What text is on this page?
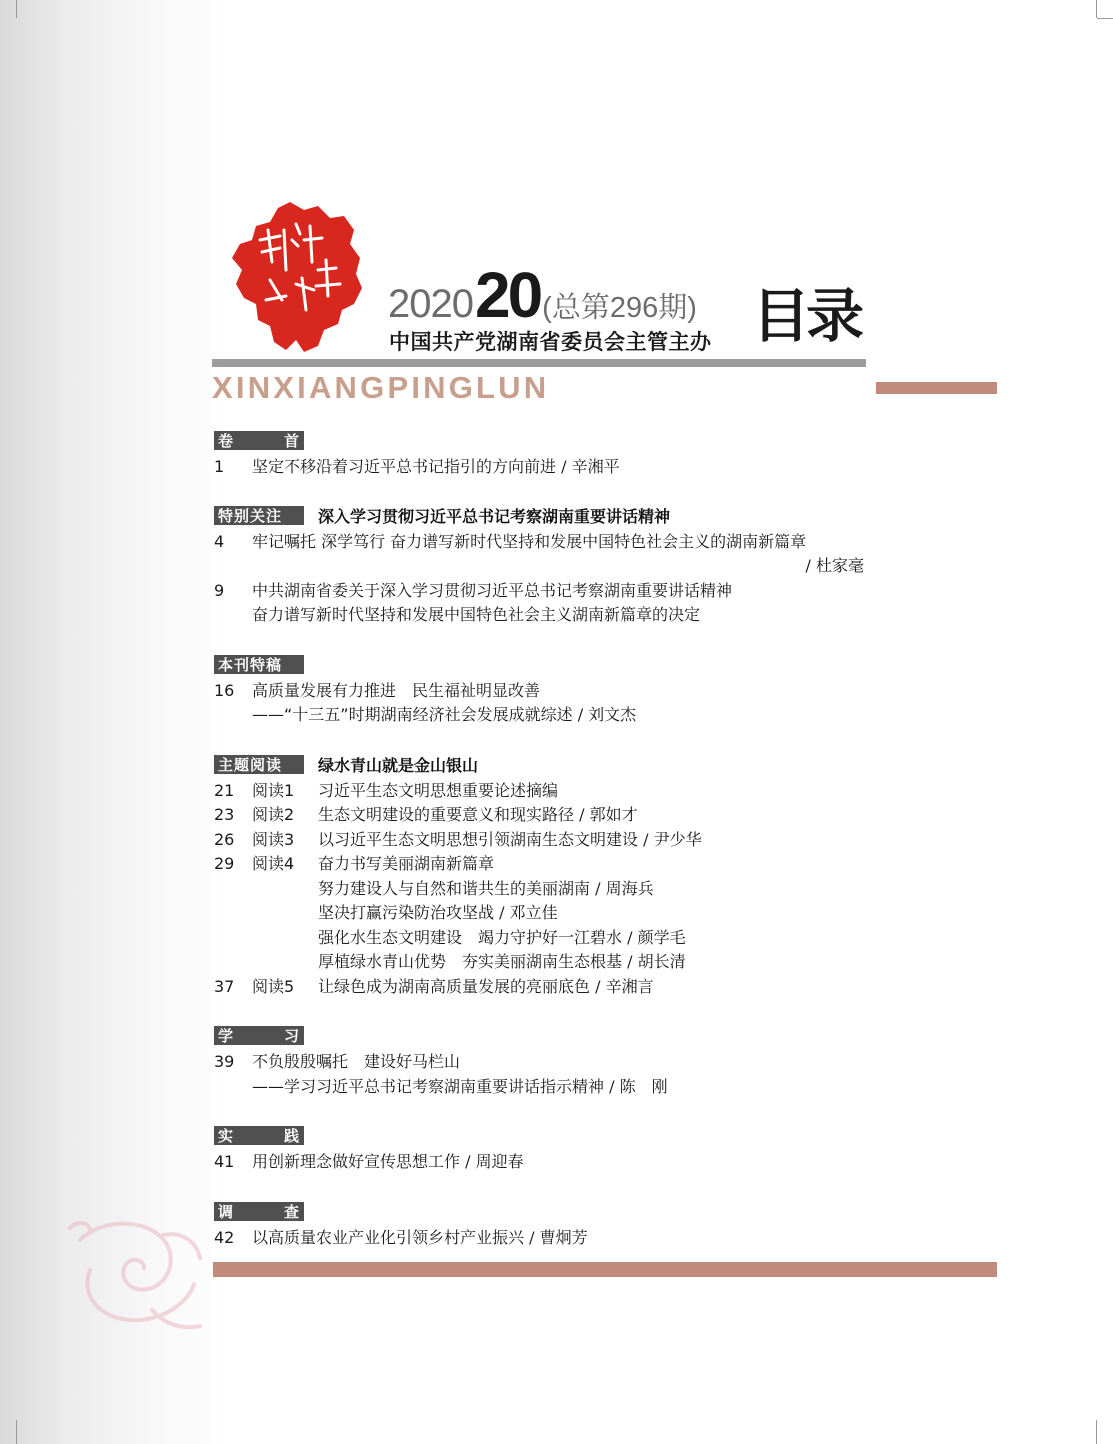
2020 20 (总第296期)
中国共产党湖南省委员会主管主办 目录
XINXIANGPINGLUN
卷	首
1	坚定不移沿着习近平总书记指引的方向前进 / 辛湘平
特别关注	深入学习贯彻习近平总书记考察湖南重要讲话精神
4	牢记嘱托 深学笃行 奋力谱写新时代坚持和发展中国特色社会主义的湖南新篇章
/ 杜家毫
9	中共湖南省委关于深入学习贯彻习近平总书记考察湖南重要讲话精神
奋力谱写新时代坚持和发展中国特色社会主义湖南新篇章的决定
本刊特稿
16	高质量发展有力推进　民生福祉明显改善
——“十三五”时期湖南经济社会发展成就综述 / 刘文杰
主题阅读	绿水青山就是金山银山
21	阅读1	习近平生态文明思想重要论述摘编
23	阅读2	生态文明建设的重要意义和现实路径 / 郭如才
26	阅读3	以习近平生态文明思想引领湖南生态文明建设 / 尹少华
29	阅读4	奋力书写美丽湖南新篇章
努力建设人与自然和谐共生的美丽湖南 / 周海兵
坚决打赢污染防治攻坚战 / 邓立佳
强化水生态文明建设　竭力守护好一江碧水 / 颜学毛
厚植绿水青山优势　夯实美丽湖南生态根基 / 胡长清
37	阅读5	让绿色成为湖南高质量发展的亮丽底色 / 辛湘言
学	习
39	不负殷殷嘱托　建设好马栏山
——学习习近平总书记考察湖南重要讲话指示精神 / 陈　刚
实	践
41	用创新理念做好宣传思想工作 / 周迎春
调	查
42	以高质量农业产业化引领乡村产业振兴 / 曹炯芳
